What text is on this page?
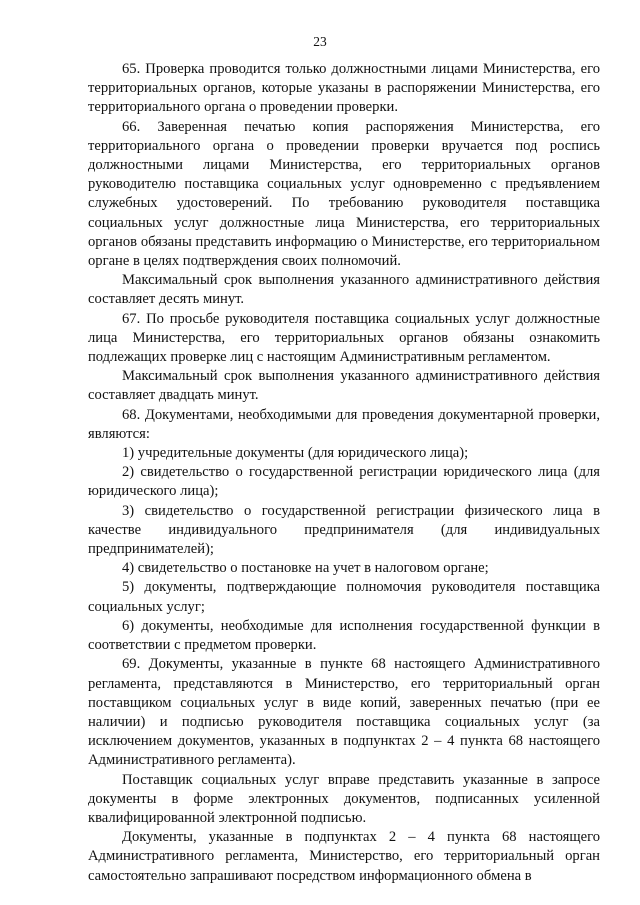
23

65. Проверка проводится только должностными лицами Министерства, его территориальных органов, которые указаны в распоряжении Министерства, его территориального органа о проведении проверки.

66. Заверенная печатью копия распоряжения Министерства, его территориального органа о проведении проверки вручается под роспись должностными лицами Министерства, его территориальных органов руководителю поставщика социальных услуг одновременно с предъявлением служебных удостоверений. По требованию руководителя поставщика социальных услуг должностные лица Министерства, его территориальных органов обязаны представить информацию о Министерстве, его территориальном органе в целях подтверждения своих полномочий.

Максимальный срок выполнения указанного административного действия составляет десять минут.

67. По просьбе руководителя поставщика социальных услуг должностные лица Министерства, его территориальных органов обязаны ознакомить подлежащих проверке лиц с настоящим Административным регламентом.

Максимальный срок выполнения указанного административного действия составляет двадцать минут.

68. Документами, необходимыми для проведения документарной проверки, являются:

1) учредительные документы (для юридического лица);

2) свидетельство о государственной регистрации юридического лица (для юридического лица);

3) свидетельство о государственной регистрации физического лица в качестве индивидуального предпринимателя (для индивидуальных предпринимателей);

4) свидетельство о постановке на учет в налоговом органе;

5) документы, подтверждающие полномочия руководителя поставщика социальных услуг;

6) документы, необходимые для исполнения государственной функции в соответствии с предметом проверки.

69. Документы, указанные в пункте 68 настоящего Административного регламента, представляются в Министерство, его территориальный орган поставщиком социальных услуг в виде копий, заверенных печатью (при ее наличии) и подписью руководителя поставщика социальных услуг (за исключением документов, указанных в подпунктах 2 – 4 пункта 68 настоящего Административного регламента).

Поставщик социальных услуг вправе представить указанные в запросе документы в форме электронных документов, подписанных усиленной квалифицированной электронной подписью.

Документы, указанные в подпунктах 2 – 4 пункта 68 настоящего Административного регламента, Министерство, его территориальный орган самостоятельно запрашивают посредством информационного обмена в
